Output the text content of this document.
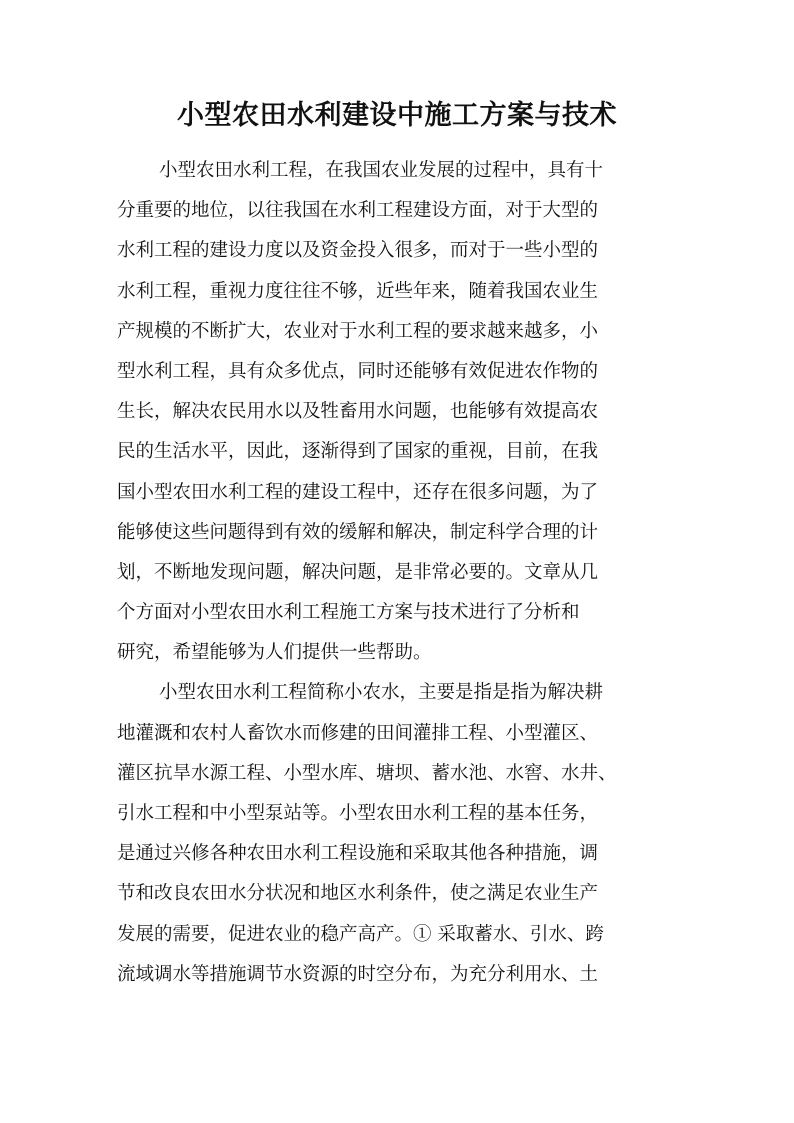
小型农田水利建设中施工方案与技术
小型农田水利工程，在我国农业发展的过程中，具有十
分重要的地位，以往我国在水利工程建设方面，对于大型的
水利工程的建设力度以及资金投入很多，而对于一些小型的
水利工程，重视力度往往不够，近些年来，随着我国农业生
产规模的不断扩大，农业对于水利工程的要求越来越多，小
型水利工程，具有众多优点，同时还能够有效促进农作物的
生长，解决农民用水以及牲畜用水问题，也能够有效提高农
民的生活水平，因此，逐渐得到了国家的重视，目前，在我
国小型农田水利工程的建设工程中，还存在很多问题，为了
能够使这些问题得到有效的缓解和解决，制定科学合理的计
划，不断地发现问题，解决问题，是非常必要的。文章从几
个方面对小型农田水利工程施工方案与技术进行了分析和
研究，希望能够为人们提供一些帮助。
小型农田水利工程简称小农水，主要是指是指为解决耕
地灌溉和农村人畜饮水而修建的田间灌排工程、小型灌区、
灌区抗旱水源工程、小型水库、塘坝、蓄水池、水窖、水井、
引水工程和中小型泵站等。小型农田水利工程的基本任务，
是通过兴修各种农田水利工程设施和采取其他各种措施，调
节和改良农田水分状况和地区水利条件，使之满足农业生产
发展的需要，促进农业的稳产高产。① 采取蓄水、引水、跨
流域调水等措施调节水资源的时空分布，为充分利用水、土
